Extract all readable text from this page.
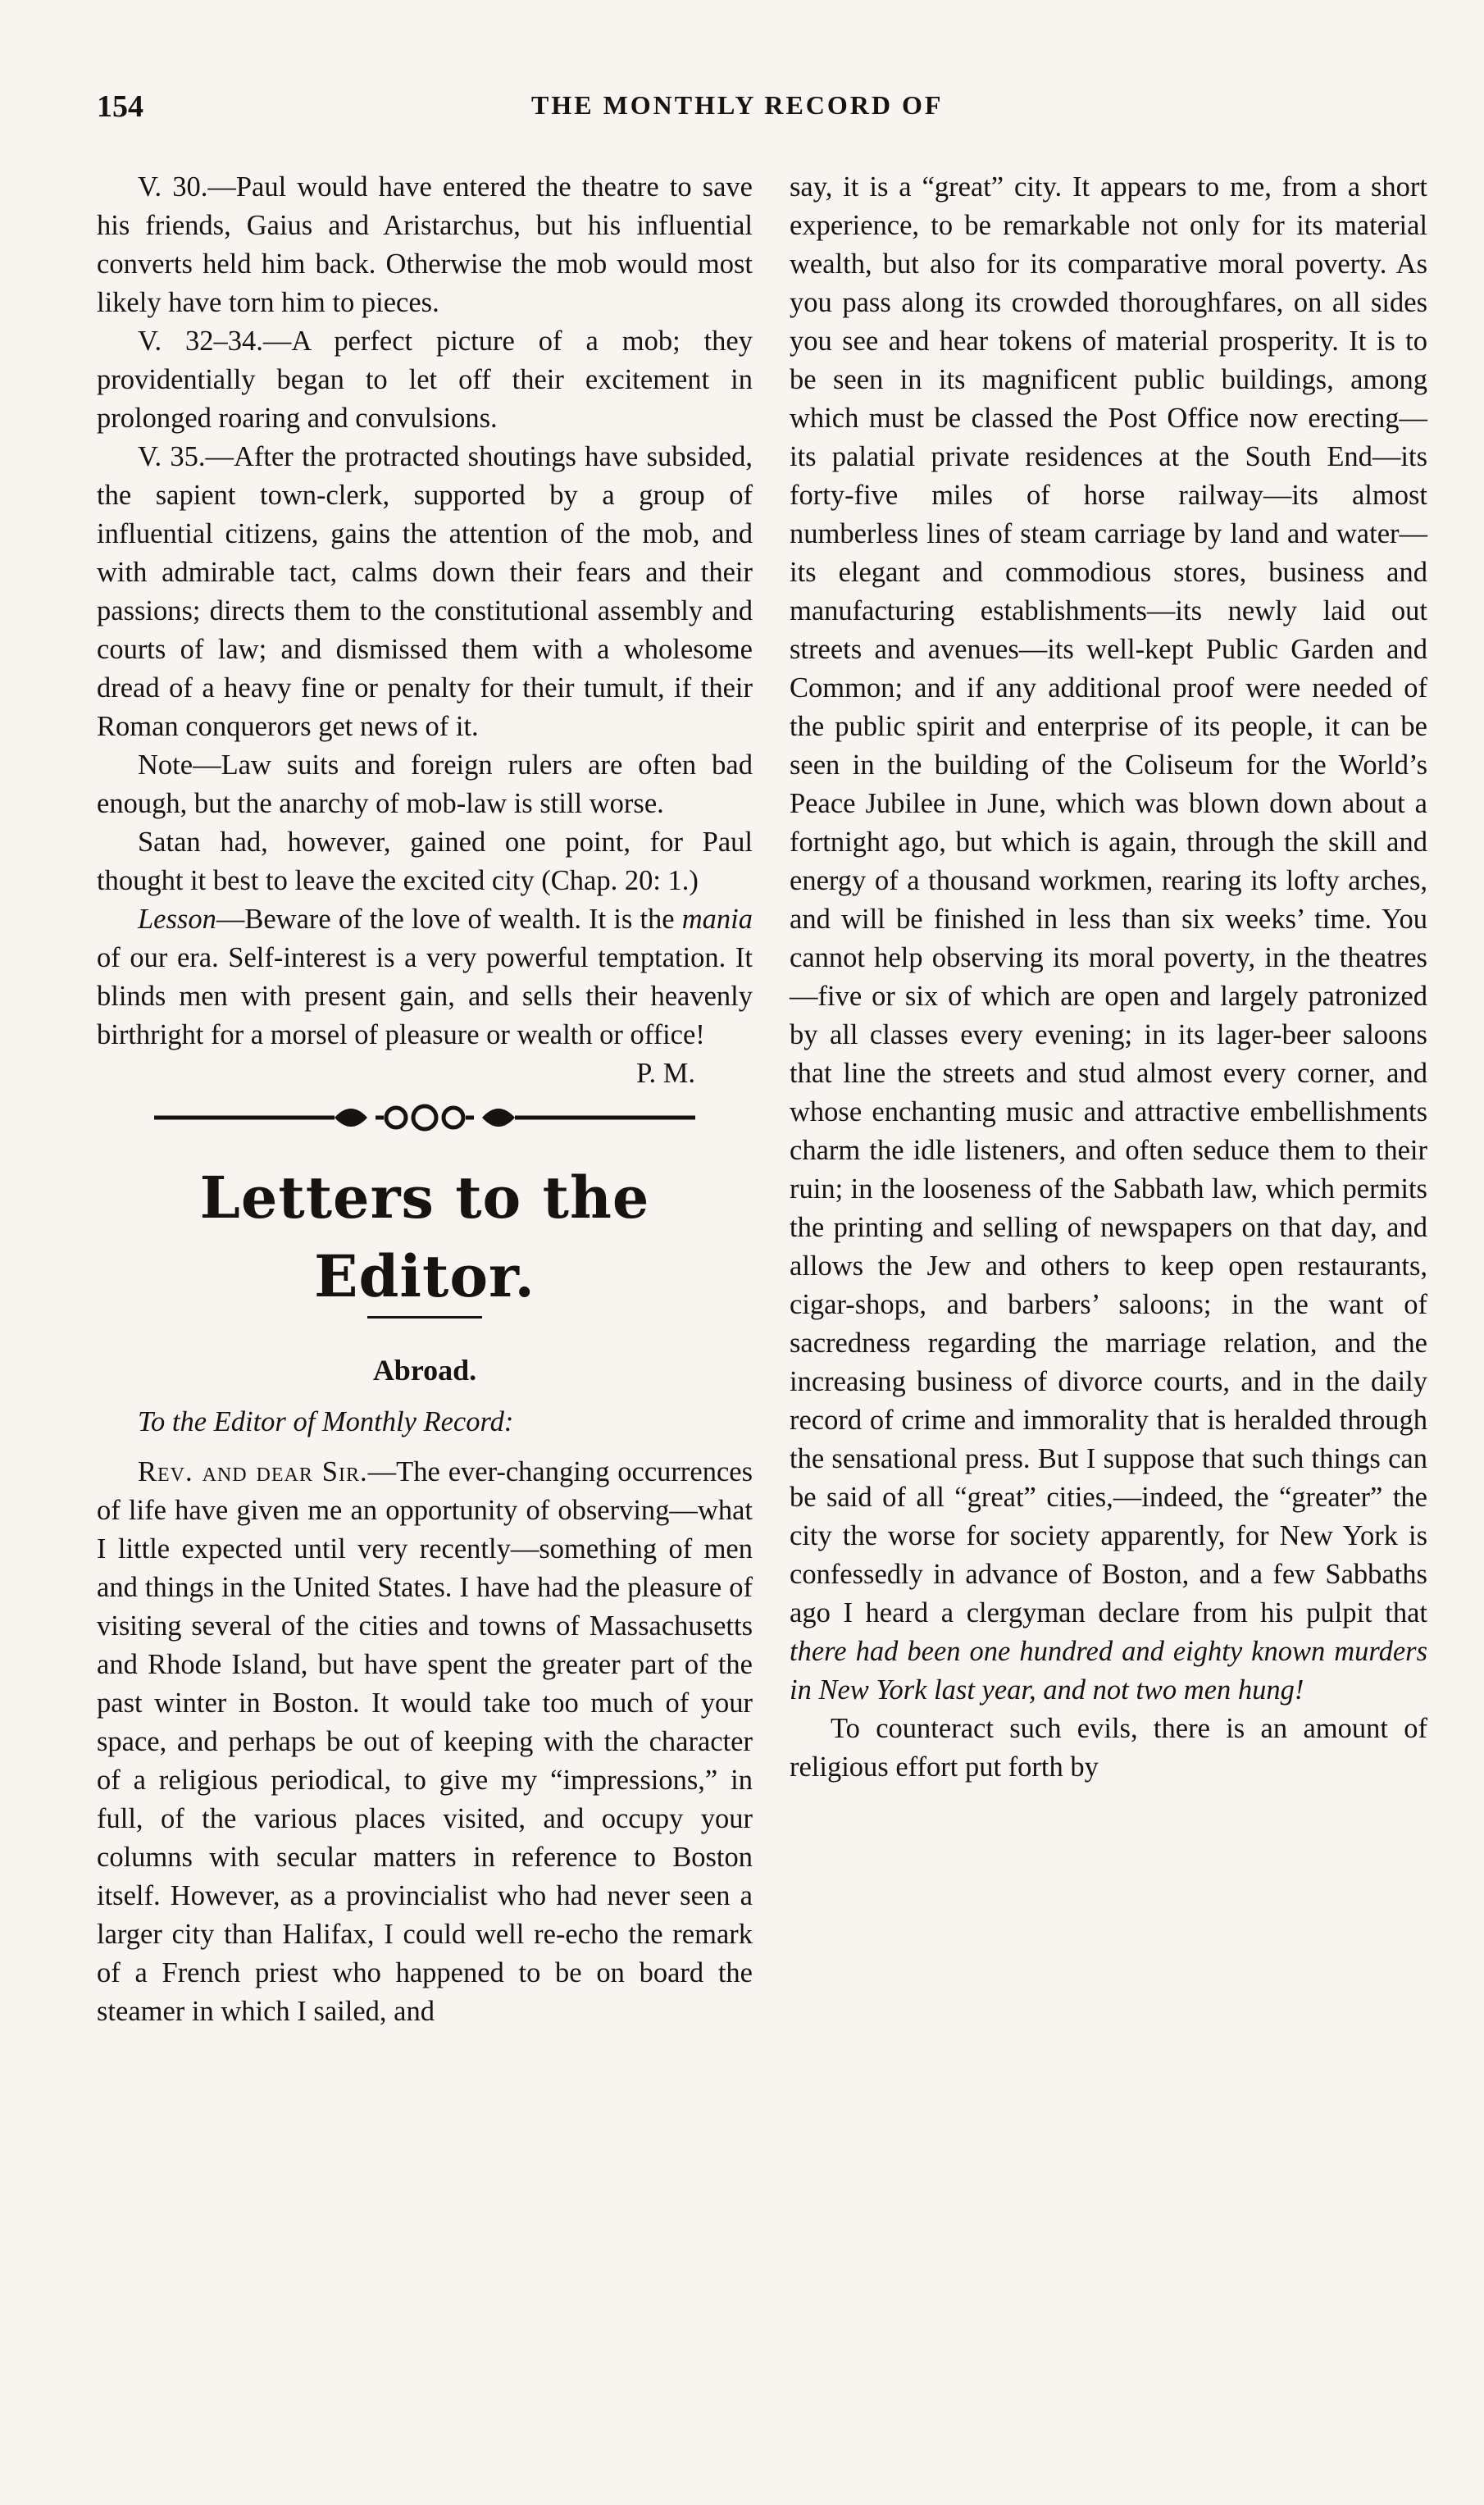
154	THE MONTHLY RECORD OF

V. 30.—Paul would have entered the theatre to save his friends, Gaius and Aristarchus, but his influential converts held him back. Otherwise the mob would most likely have torn him to pieces.

V. 32–34.—A perfect picture of a mob; they providentially began to let off their excitement in prolonged roaring and convulsions.

V. 35.—After the protracted shoutings have subsided, the sapient town-clerk, supported by a group of influential citizens, gains the attention of the mob, and with admirable tact, calms down their fears and their passions; directs them to the constitutional assembly and courts of law; and dismissed them with a wholesome dread of a heavy fine or penalty for their tumult, if their Roman conquerors get news of it.

Note—Law suits and foreign rulers are often bad enough, but the anarchy of mob-law is still worse.

Satan had, however, gained one point, for Paul thought it best to leave the excited city (Chap. 20: 1.)

Lesson—Beware of the love of wealth. It is the mania of our era. Self-interest is a very powerful temptation. It blinds men with present gain, and sells their heavenly birthright for a morsel of pleasure or wealth or office!
P. M.

Letters to the Editor.
Abroad.

To the Editor of Monthly Record:

Rev. and dear Sir.—The ever-changing occurrences of life have given me an opportunity of observing—what I little expected until very recently—something of men and things in the United States. I have had the pleasure of visiting several of the cities and towns of Massachusetts and Rhode Island, but have spent the greater part of the past winter in Boston. It would take too much of your space, and perhaps be out of keeping with the character of a religious periodical, to give my “impressions,” in full, of the various places visited, and occupy your columns with secular matters in reference to Boston itself. However, as a provincialist who had never seen a larger city than Halifax, I could well re-echo the remark of a French priest who happened to be on board the steamer in which I sailed, and

say, it is a “great” city. It appears to me, from a short experience, to be remarkable not only for its material wealth, but also for its comparative moral poverty. As you pass along its crowded thoroughfares, on all sides you see and hear tokens of material prosperity. It is to be seen in its magnificent public buildings, among which must be classed the Post Office now erecting—its palatial private residences at the South End—its forty-five miles of horse railway—its almost numberless lines of steam carriage by land and water—its elegant and commodious stores, business and manufacturing establishments—its newly laid out streets and avenues—its well-kept Public Garden and Common; and if any additional proof were needed of the public spirit and enterprise of its people, it can be seen in the building of the Coliseum for the World’s Peace Jubilee in June, which was blown down about a fortnight ago, but which is again, through the skill and energy of a thousand workmen, rearing its lofty arches, and will be finished in less than six weeks’ time. You cannot help observing its moral poverty, in the theatres—five or six of which are open and largely patronized by all classes every evening; in its lager-beer saloons that line the streets and stud almost every corner, and whose enchanting music and attractive embellishments charm the idle listeners, and often seduce them to their ruin; in the looseness of the Sabbath law, which permits the printing and selling of newspapers on that day, and allows the Jew and others to keep open restaurants, cigar-shops, and barbers’ saloons; in the want of sacredness regarding the marriage relation, and the increasing business of divorce courts, and in the daily record of crime and immorality that is heralded through the sensational press. But I suppose that such things can be said of all “great” cities,—indeed, the “greater” the city the worse for society apparently, for New York is confessedly in advance of Boston, and a few Sabbaths ago I heard a clergyman declare from his pulpit that there had been one hundred and eighty known murders in New York last year, and not two men hung!

To counteract such evils, there is an amount of religious effort put forth by
